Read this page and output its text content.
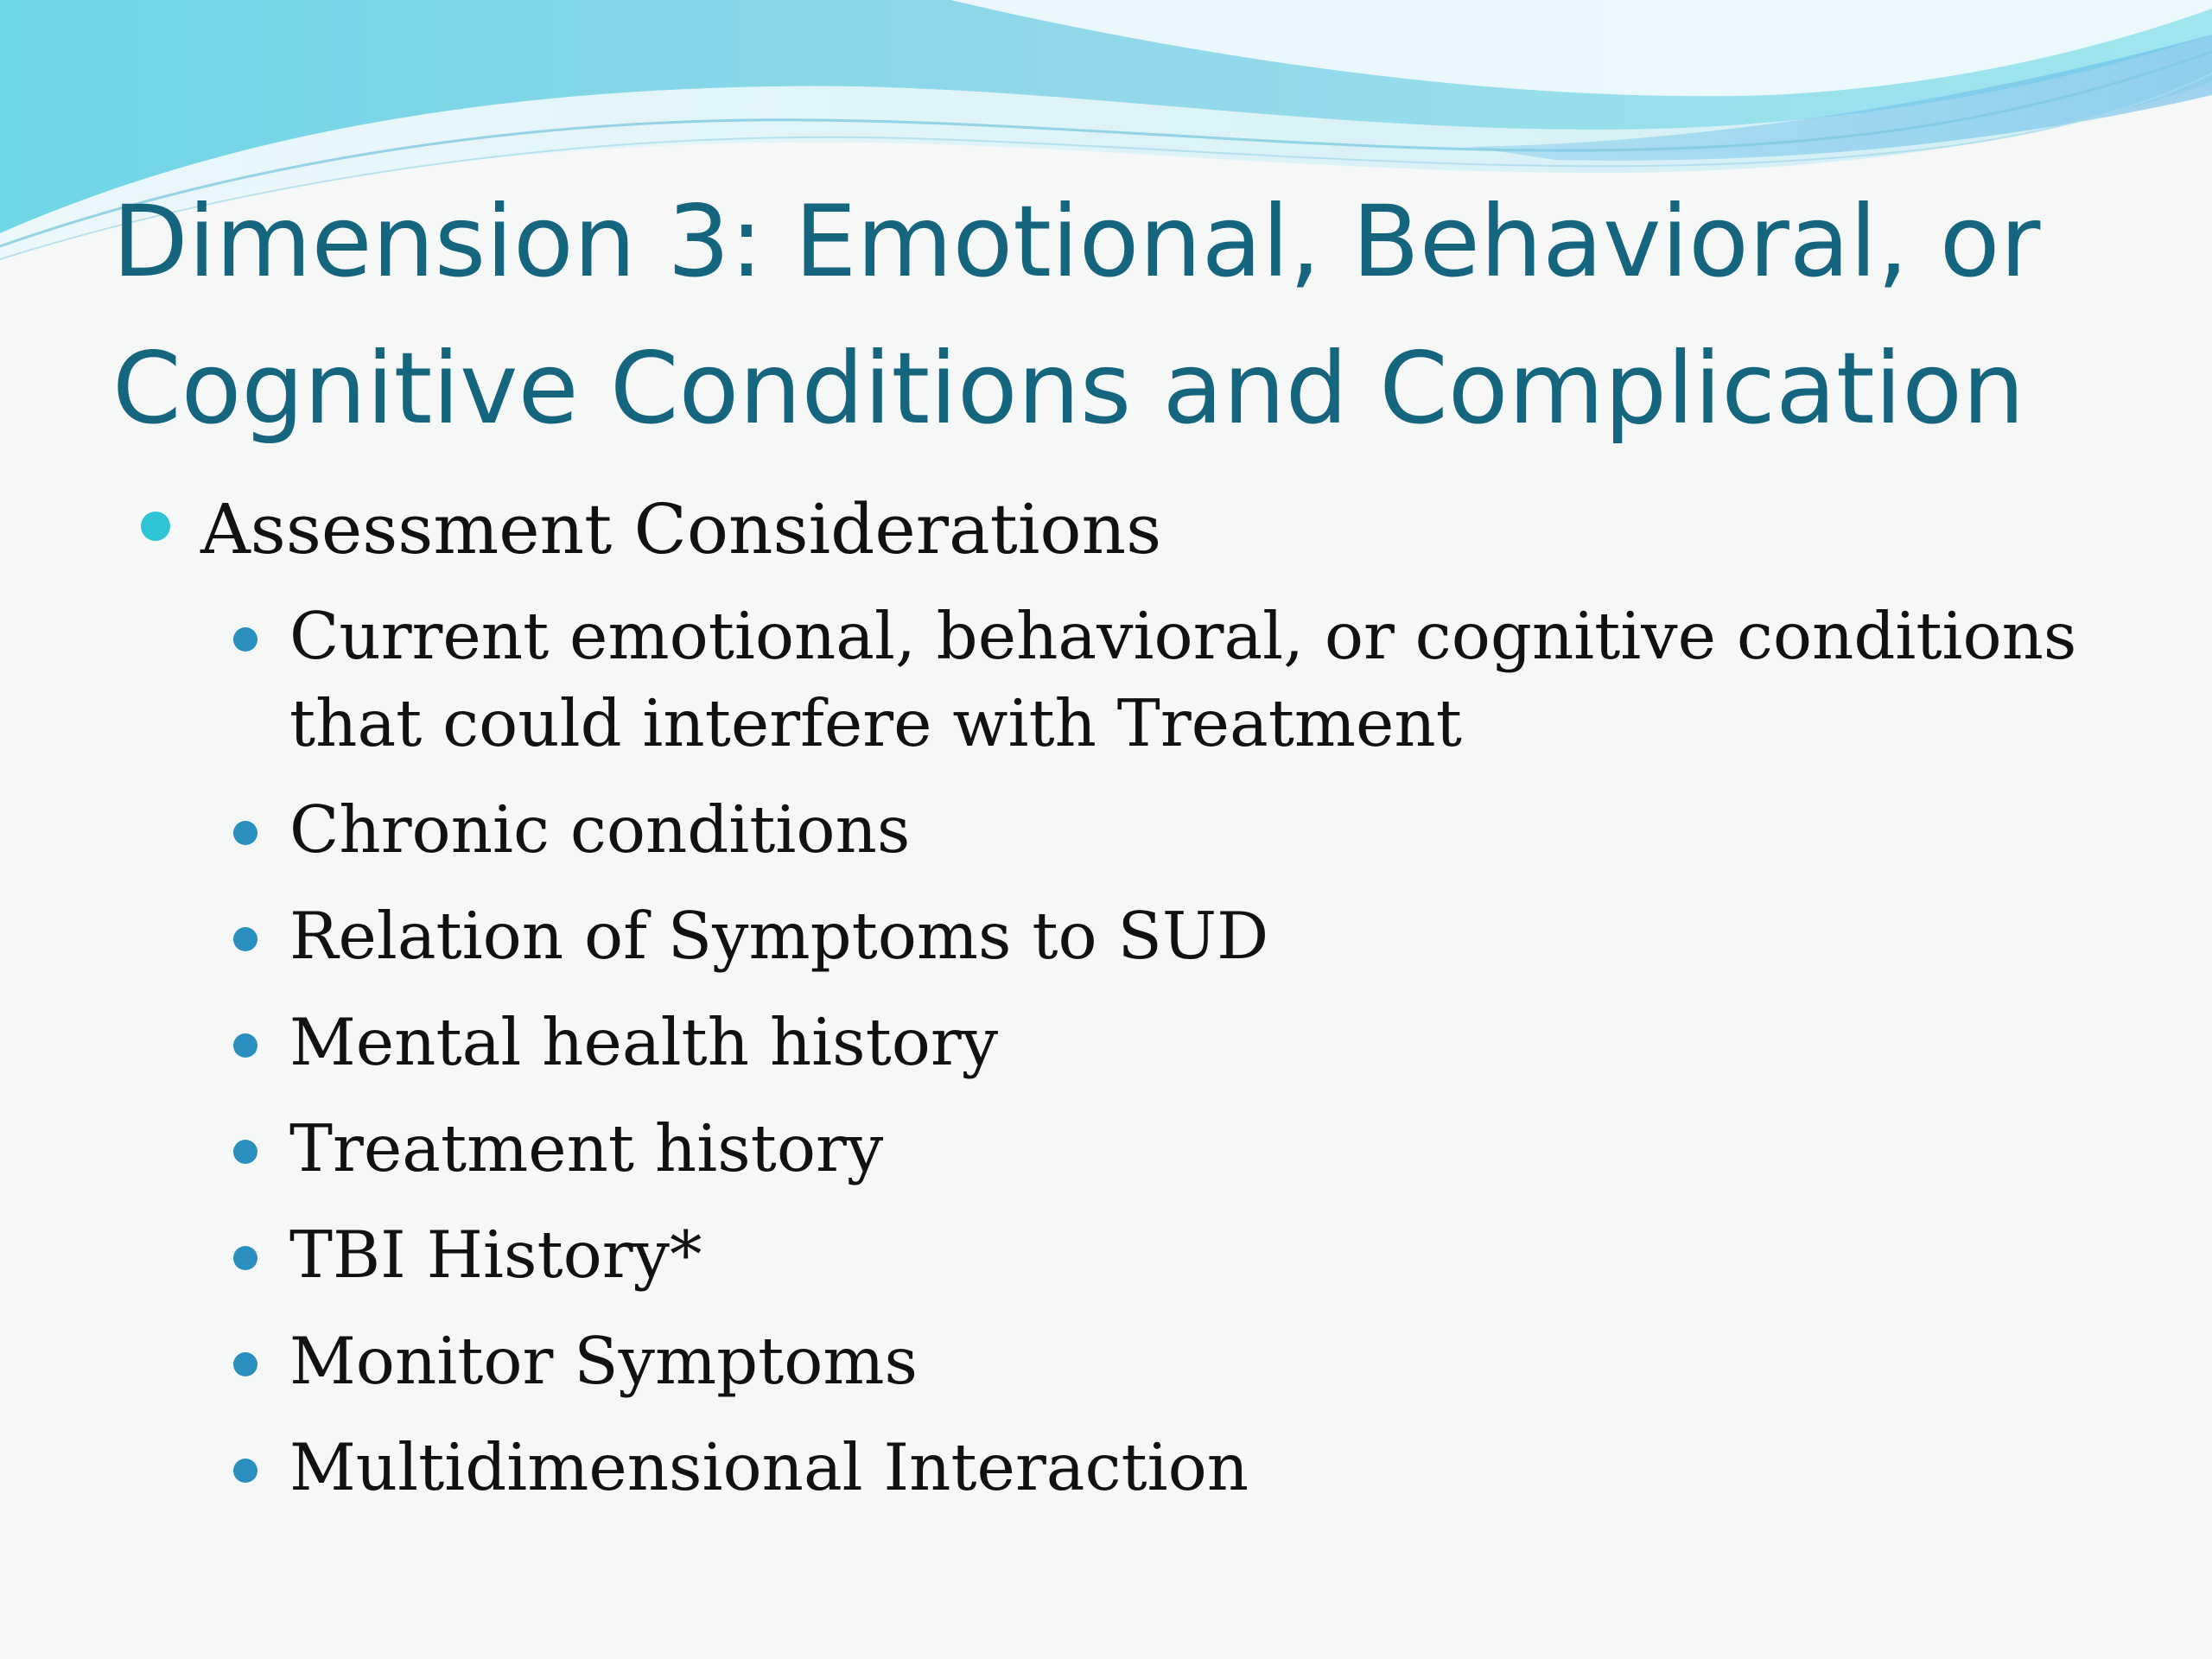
Dimension 3: Emotional, Behavioral, or
Cognitive Conditions and Complication
Assessment Considerations
Current emotional, behavioral, or cognitive conditions
that could interfere with Treatment
Chronic conditions
Relation of Symptoms to SUD
Mental health history
Treatment history
TBI History*
Monitor Symptoms
Multidimensional Interaction
